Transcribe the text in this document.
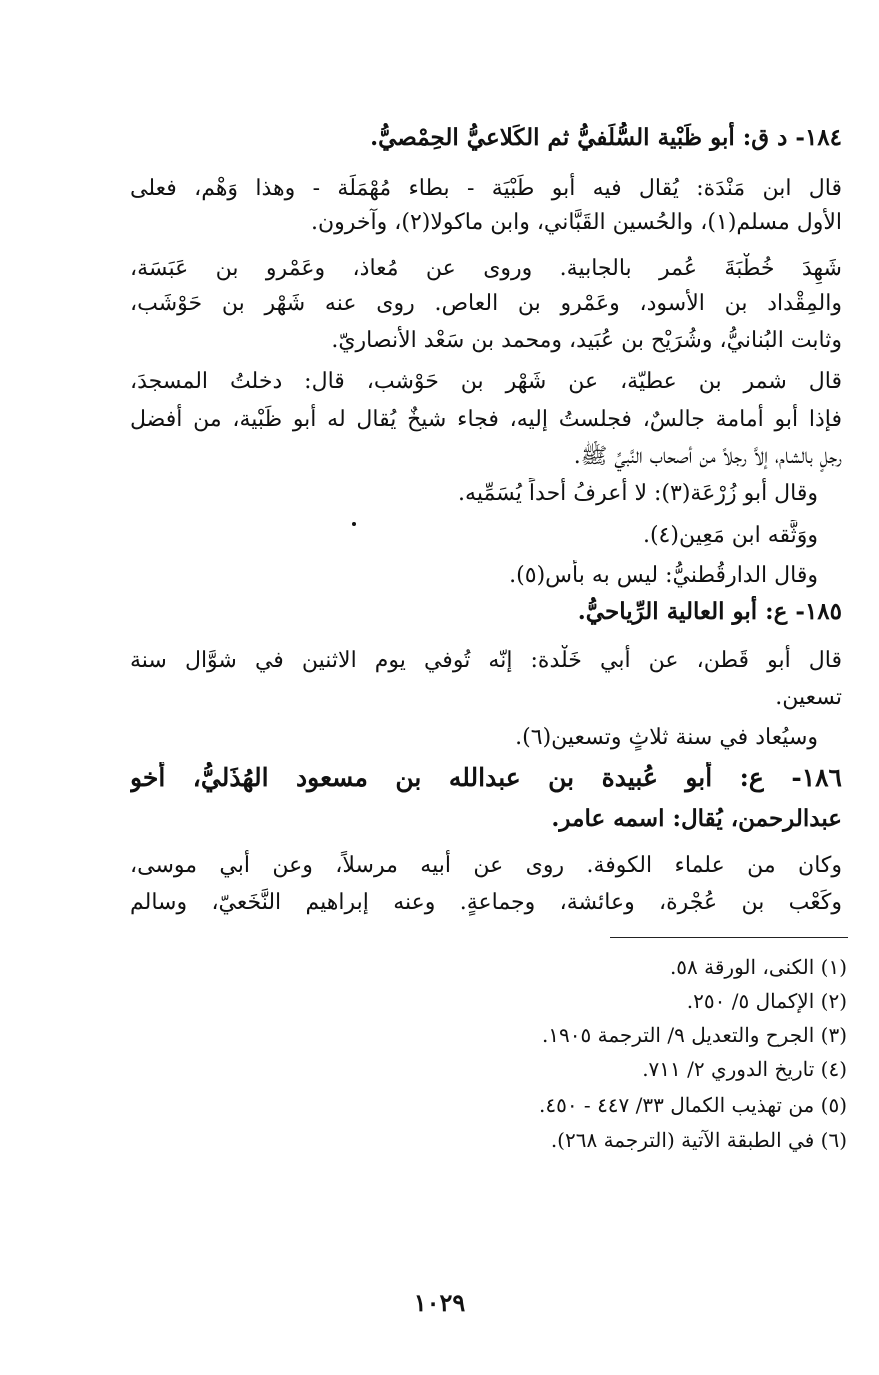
١٨٤- د ق: أبو ظَبْية السُّلَفيُّ ثم الكَلاعيُّ الحِمْصيُّ.
قال ابن مَنْدَة: يُقال فيه أبو طَبْيَة - بطاء مُهْمَلَة - وهذا وَهْم، فعلى
الأول مسلم(١)، والحُسين القَبَّاني، وابن ماكولا(٢)، وآخرون.
شَهِدَ خُطْبَةَ عُمر بالجابية. وروى عن مُعاذ، وعَمْرو بن عَبَسَة،
والمِقْداد بن الأسود، وعَمْرو بن العاص. روى عنه شَهْر بن حَوْشَب،
وثابت البُنانيُّ، وشُرَيْح بن عُبَيد، ومحمد بن سَعْد الأنصاريّ.
قال شمر بن عطيّة، عن شَهْر بن حَوْشب، قال: دخلتُ المسجدَ،
فإذا أبو أُمامة جالسٌ، فجلستُ إليه، فجاء شيخٌ يُقال له أبو ظَبْية، من أفضل
رجلٍ بالشام، إلاَّ رجلاً من أصحاب النَّبيِّ ﷺ.
وقال أبو زُرْعَة(٣): لا أعرفُ أحداً يُسَمِّيه.
ووَثَّقه ابن مَعِين(٤).
وقال الدارقُطنيُّ: ليس به بأس(٥).
١٨٥- ع: أبو العالية الرِّياحيُّ.
قال أبو قَطن، عن أبي خَلْدة: إنّه تُوفي يوم الاثنين في شوَّال سنة
تسعين.
وسيُعاد في سنة ثلاثٍ وتسعين(٦).
١٨٦- ع: أبو عُبيدة بن عبدالله بن مسعود الهُذَليُّ، أخو
عبدالرحمن، يُقال: اسمه عامر.
وكان من علماء الكوفة. روى عن أبيه مرسلاً، وعن أبي موسى،
وكَعْب بن عُجْرة، وعائشة، وجماعةٍ. وعنه إبراهيم النَّخَعيّ، وسالم
(١) الكنى، الورقة ٥٨.
(٢) الإكمال ٥/ ٢٥٠.
(٣) الجرح والتعديل ٩/ الترجمة ١٩٠٥.
(٤) تاريخ الدوري ٢/ ٧١١.
(٥) من تهذيب الكمال ٣٣/ ٤٤٧ - ٤٥٠.
(٦) في الطبقة الآتية (الترجمة ٢٦٨).
١٠٢٩
